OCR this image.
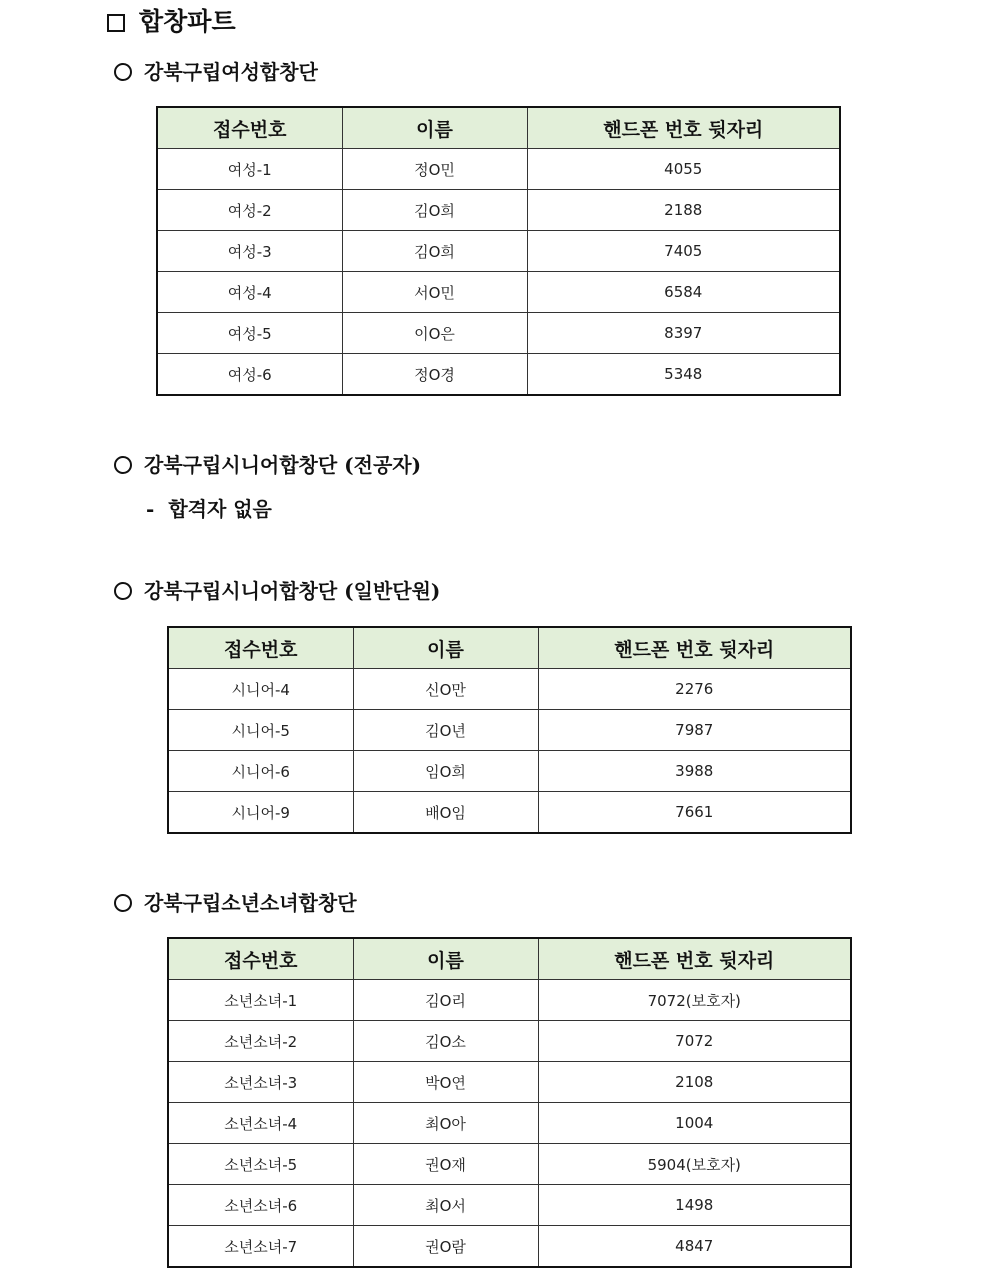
합창파트
강북구립여성합창단
접수번호	이름	핸드폰 번호 뒷자리
여성-1	정O민	4055
여성-2	김O희	2188
여성-3	김O희	7405
여성-4	서O민	6584
여성-5	이O은	8397
여성-6	정O경	5348
강북구립시니어합창단 (전공자)
- 합격자 없음
강북구립시니어합창단 (일반단원)
접수번호	이름	핸드폰 번호 뒷자리
시니어-4	신O만	2276
시니어-5	김O년	7987
시니어-6	임O희	3988
시니어-9	배O임	7661
강북구립소년소녀합창단
접수번호	이름	핸드폰 번호 뒷자리
소년소녀-1	김O리	7072(보호자)
소년소녀-2	김O소	7072
소년소녀-3	박O연	2108
소년소녀-4	최O아	1004
소년소녀-5	권O재	5904(보호자)
소년소녀-6	최O서	1498
소년소녀-7	권O람	4847
